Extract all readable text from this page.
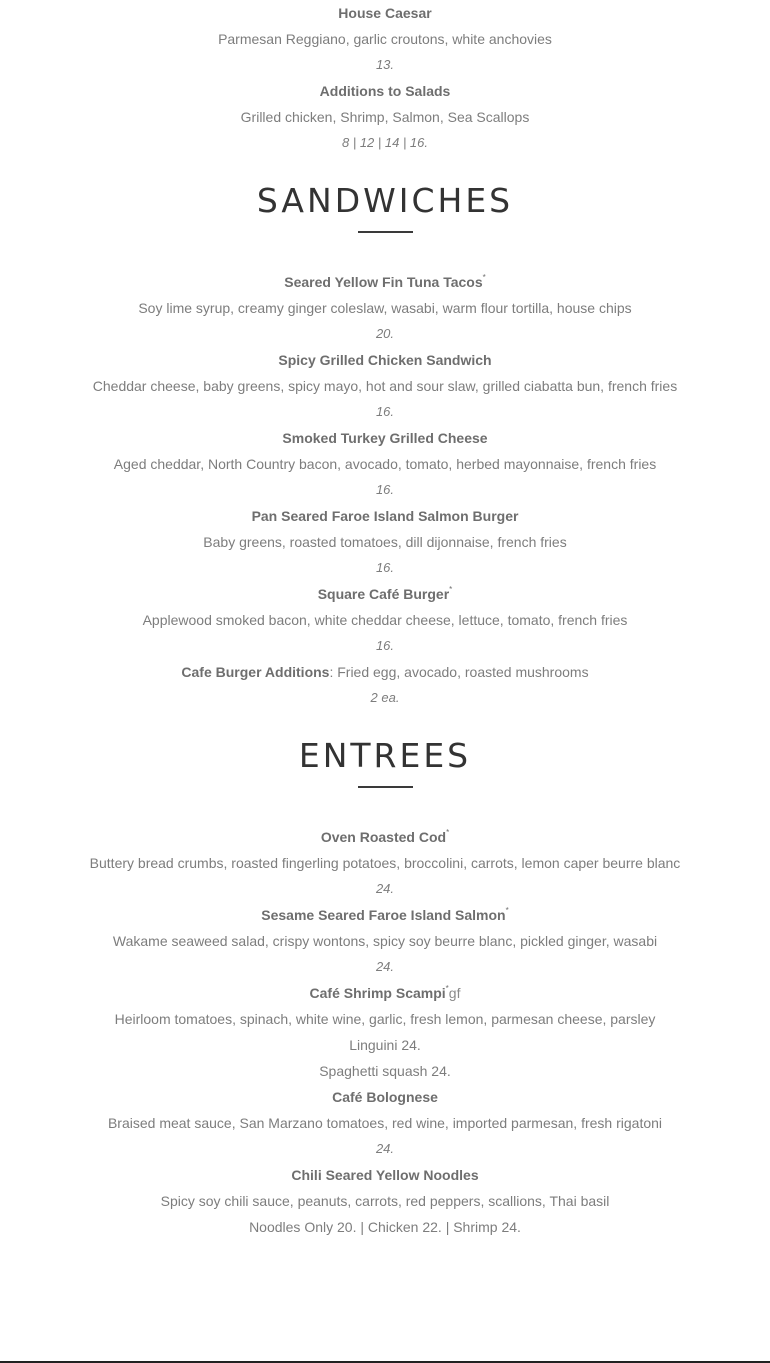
House Caesar
Parmesan Reggiano, garlic croutons, white anchovies
13.
Additions to Salads
Grilled chicken, Shrimp, Salmon, Sea Scallops
8 | 12 | 14 | 16.
SANDWICHES
Seared Yellow Fin Tuna Tacos*
Soy lime syrup, creamy ginger coleslaw, wasabi, warm flour tortilla, house chips
20.
Spicy Grilled Chicken Sandwich
Cheddar cheese, baby greens, spicy mayo, hot and sour slaw, grilled ciabatta bun, french fries
16.
Smoked Turkey Grilled Cheese
Aged cheddar, North Country bacon, avocado, tomato, herbed mayonnaise, french fries
16.
Pan Seared Faroe Island Salmon Burger
Baby greens, roasted tomatoes, dill dijonnaise, french fries
16.
Square Café Burger*
Applewood smoked bacon, white cheddar cheese, lettuce, tomato, french fries
16.
Cafe Burger Additions: Fried egg, avocado, roasted mushrooms
2 ea.
ENTREES
Oven Roasted Cod*
Buttery bread crumbs, roasted fingerling potatoes, broccolini, carrots, lemon caper beurre blanc
24.
Sesame Seared Faroe Island Salmon*
Wakame seaweed salad, crispy wontons, spicy soy beurre blanc, pickled ginger, wasabi
24.
Café Shrimp Scampi*gf
Heirloom tomatoes, spinach, white wine, garlic, fresh lemon, parmesan cheese, parsley
Linguini 24.
Spaghetti squash 24.
Café Bolognese
Braised meat sauce, San Marzano tomatoes, red wine, imported parmesan, fresh rigatoni
24.
Chili Seared Yellow Noodles
Spicy soy chili sauce, peanuts, carrots, red peppers, scallions, Thai basil
Noodles Only 20. | Chicken 22. | Shrimp 24.
